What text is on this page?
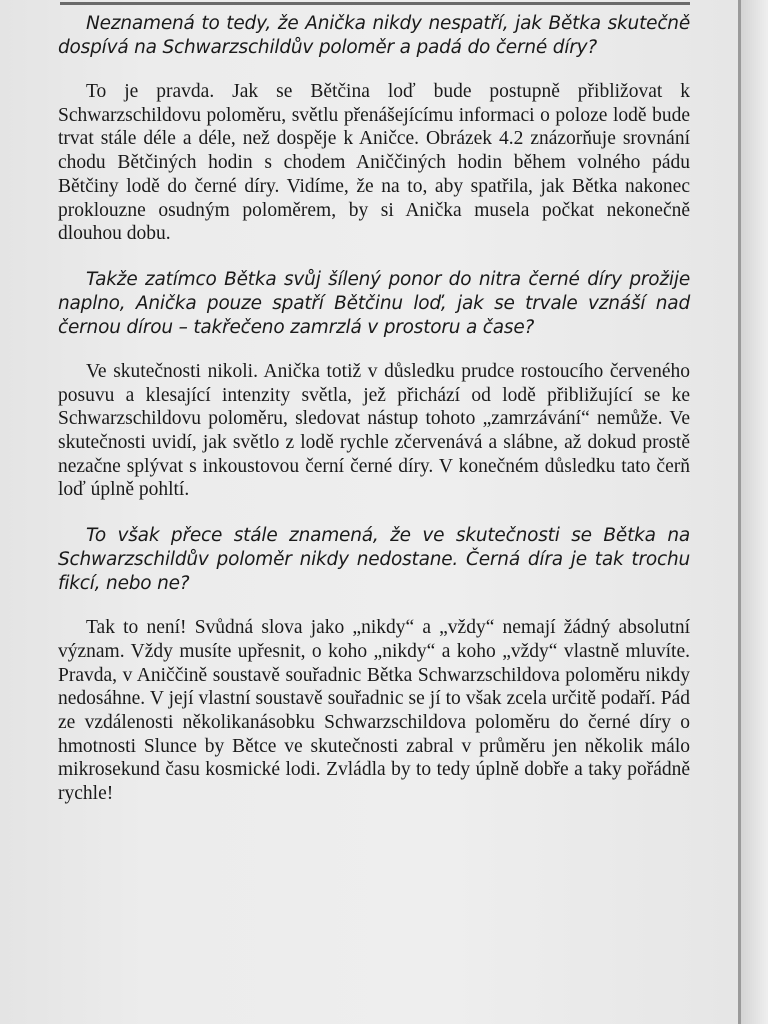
Neznamená to tedy, že Anička nikdy nespatří, jak Bětka skutečně dospívá na Schwarzschildův poloměr a padá do černé díry?

To je pravda. Jak se Bětčina loď bude postupně přibližovat k Schwarzschildovu poloměru, světlu přenášejícímu informaci o poloze lodě bude trvat stále déle a déle, než dospěje k Aničce. Obrázek 4.2 znázorňuje srovnání chodu Bětčiných hodin s chodem Aniččiných hodin během volného pádu Bětčiny lodě do černé díry. Vidíme, že na to, aby spatřila, jak Bětka nakonec proklouzne osudným poloměrem, by si Anička musela počkat nekonečně dlouhou dobu.

Takže zatímco Bětka svůj šílený ponor do nitra černé díry prožije naplno, Anička pouze spatří Bětčinu loď, jak se trvale vznáší nad černou dírou – takřečeno zamrzlá v prostoru a čase?

Ve skutečnosti nikoli. Anička totiž v důsledku prudce rostoucího červeného posuvu a klesající intenzity světla, jež přichází od lodě přibližující se ke Schwarzschildovu poloměru, sledovat nástup tohoto „zamrzávání“ nemůže. Ve skutečnosti uvidí, jak světlo z lodě rychle zčervenává a slábne, až dokud prostě nezačne splývat s inkoustovou černí černé díry. V konečném důsledku tato čerň loď úplně pohltí.

To však přece stále znamená, že ve skutečnosti se Bětka na Schwarzschildův poloměr nikdy nedostane. Černá díra je tak trochu fikcí, nebo ne?

Tak to není! Svůdná slova jako „nikdy“ a „vždy“ nemají žádný absolutní význam. Vždy musíte upřesnit, o koho „nikdy“ a koho „vždy“ vlastně mluvíte. Pravda, v Aniččině soustavě souřadnic Bětka Schwarzschildova poloměru nikdy nedosáhne. V její vlastní soustavě souřadnic se jí to však zcela určitě podaří. Pád ze vzdálenosti několikanásobku Schwarzschildova poloměru do černé díry o hmotnosti Slunce by Bětce ve skutečnosti zabral v průměru jen několik málo mikrosekund času kosmické lodi. Zvládla by to tedy úplně dobře a taky pořádně rychle!
